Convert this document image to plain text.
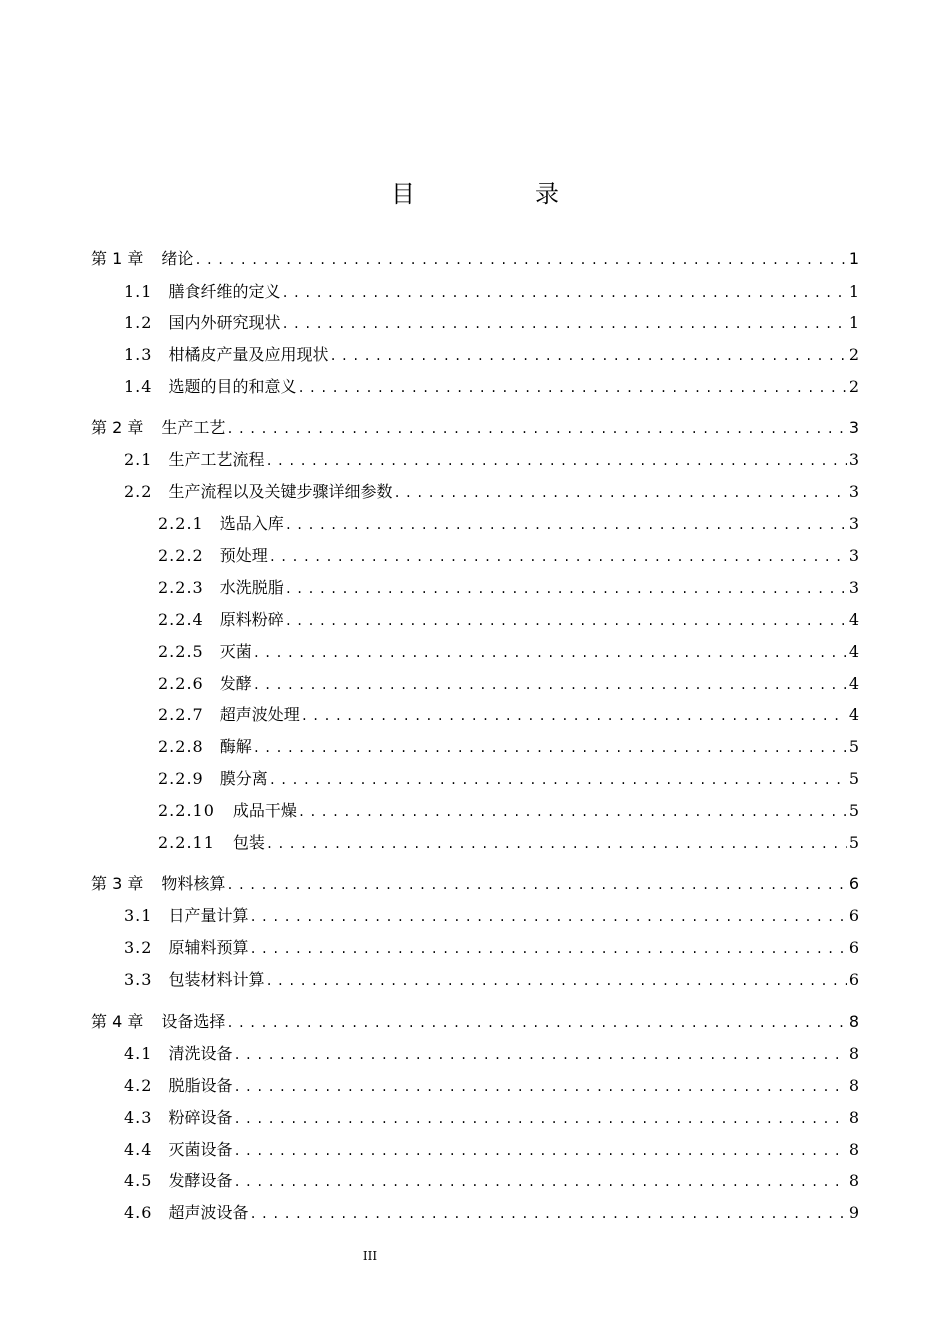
目　录
第 1 章 绪论 .....	1
1.1 膳食纤维的定义 .....	1
1.2 国内外研究现状 .....	1
1.3 柑橘皮产量及应用现状 .....	2
1.4 选题的目的和意义 .....	2
第 2 章 生产工艺 .....	3
2.1 生产工艺流程 .....	3
2.2 生产流程以及关键步骤详细参数 .....	3
2.2.1 选品入库 .....	3
2.2.2 预处理 .....	3
2.2.3 水洗脱脂 .....	3
2.2.4 原料粉碎 .....	4
2.2.5 灭菌 .....	4
2.2.6 发酵 .....	4
2.2.7 超声波处理 .....	4
2.2.8 酶解 .....	5
2.2.9 膜分离 .....	5
2.2.10 成品干燥 .....	5
2.2.11 包装 .....	5
第 3 章 物料核算 .....	6
3.1 日产量计算 .....	6
3.2 原辅料预算 .....	6
3.3 包装材料计算 .....	6
第 4 章 设备选择 .....	8
4.1 清洗设备 .....	8
4.2 脱脂设备 .....	8
4.3 粉碎设备 .....	8
4.4 灭菌设备 .....	8
4.5 发酵设备 .....	8
4.6 超声波设备 .....	9
III
